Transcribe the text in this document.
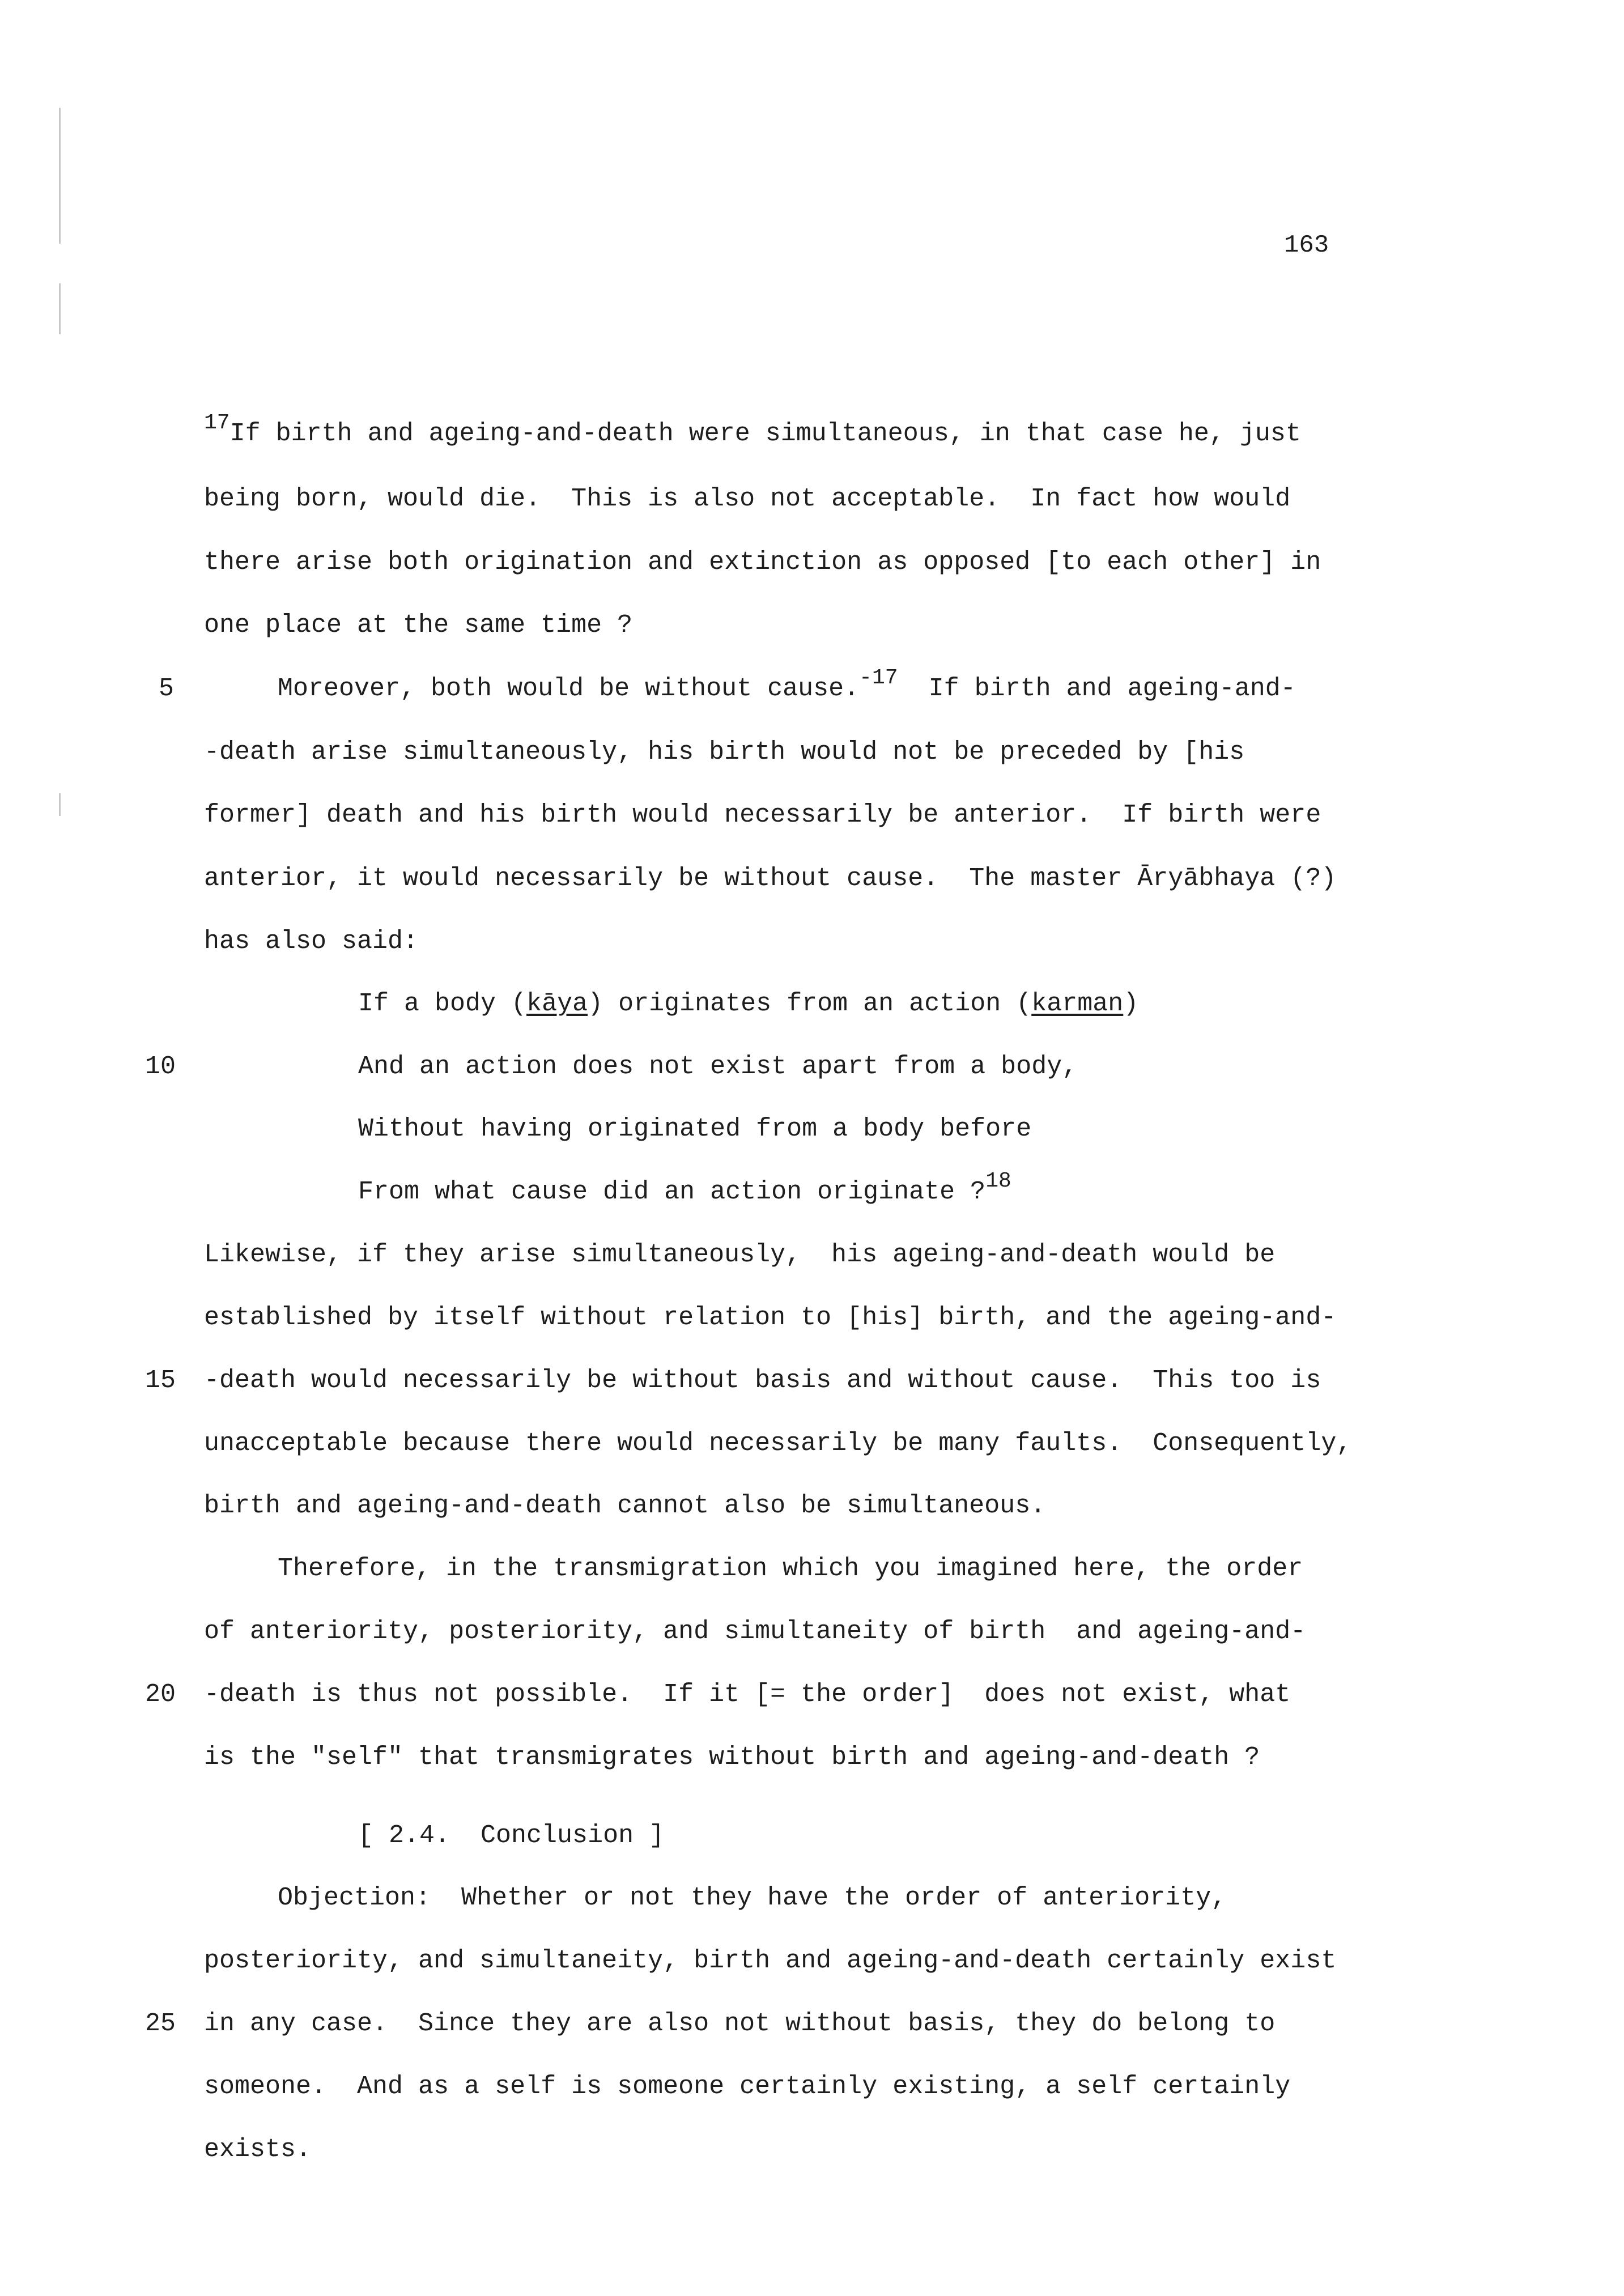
163
$^{17}$If birth and ageing-and-death were simultaneous, in that case he, just
being born, would die.  This is also not acceptable.  In fact how would
there arise both origination and extinction as opposed [to each other] in
one place at the same time ?
5	Moreover, both would be without cause.$^{-17}$  If birth and ageing-and-
-death arise simultaneously, his birth would not be preceded by [his
former] death and his birth would necessarily be anterior.  If birth were
anterior, it would necessarily be without cause.  The master Āryābhaya (?)
has also said:
If a body (kāya) originates from an action (karman)
10	And an action does not exist apart from a body,
Without having originated from a body before
From what cause did an action originate ?$^{18}$
Likewise, if they arise simultaneously,  his ageing-and-death would be
established by itself without relation to [his] birth, and the ageing-and-
15 -death would necessarily be without basis and without cause.  This too is
unacceptable because there would necessarily be many faults.  Consequently,
birth and ageing-and-death cannot also be simultaneous.
Therefore, in the transmigration which you imagined here, the order
of anteriority, posteriority, and simultaneity of birth  and ageing-and-
20 -death is thus not possible.  If it [= the order]  does not exist, what
is the "self" that transmigrates without birth and ageing-and-death ?
[ 2.4.  Conclusion ]
Objection:  Whether or not they have the order of anteriority,
posteriority, and simultaneity, birth and ageing-and-death certainly exist
25 in any case.  Since they are also not without basis, they do belong to
someone.  And as a self is someone certainly existing, a self certainly
exists.
